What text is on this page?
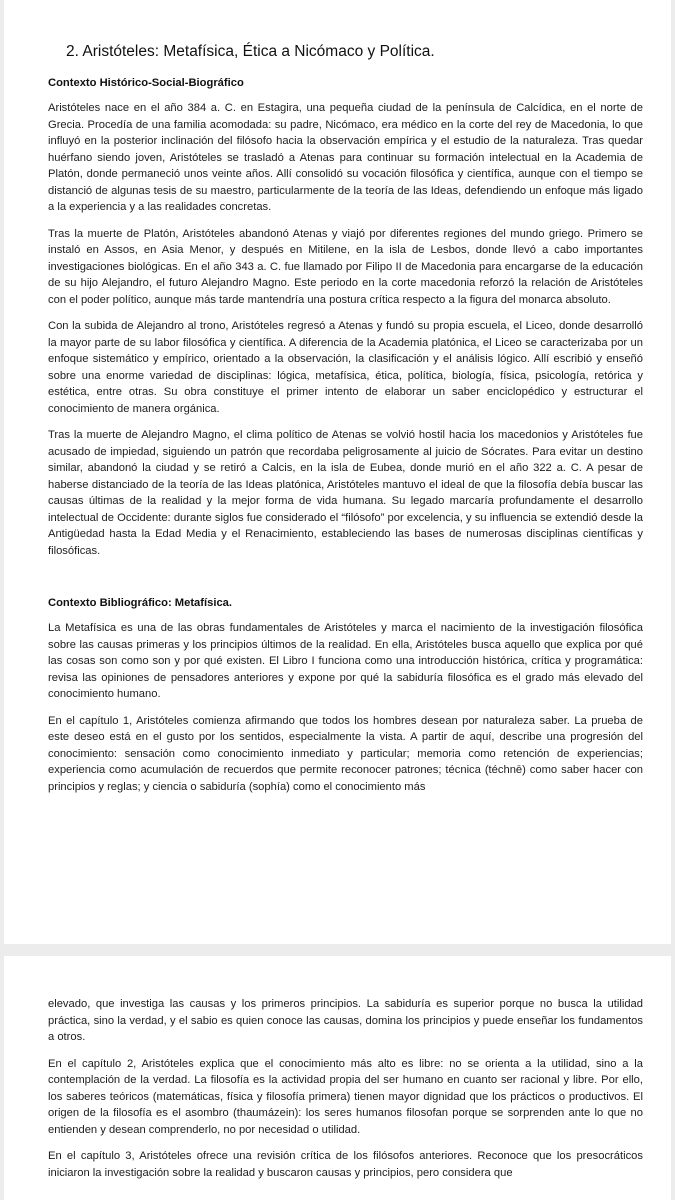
2. Aristóteles: Metafísica, Ética a Nicómaco y Política.
Contexto Histórico-Social-Biográfico

Aristóteles nace en el año 384 a. C. en Estagira, una pequeña ciudad de la península de Calcídica, en el norte de Grecia. Procedía de una familia acomodada: su padre, Nicómaco, era médico en la corte del rey de Macedonia, lo que influyó en la posterior inclinación del filósofo hacia la observación empírica y el estudio de la naturaleza. Tras quedar huérfano siendo joven, Aristóteles se trasladó a Atenas para continuar su formación intelectual en la Academia de Platón, donde permaneció unos veinte años. Allí consolidó su vocación filosófica y científica, aunque con el tiempo se distanció de algunas tesis de su maestro, particularmente de la teoría de las Ideas, defendiendo un enfoque más ligado a la experiencia y a las realidades concretas.

Tras la muerte de Platón, Aristóteles abandonó Atenas y viajó por diferentes regiones del mundo griego. Primero se instaló en Assos, en Asia Menor, y después en Mitilene, en la isla de Lesbos, donde llevó a cabo importantes investigaciones biológicas. En el año 343 a. C. fue llamado por Filipo II de Macedonia para encargarse de la educación de su hijo Alejandro, el futuro Alejandro Magno. Este periodo en la corte macedonia reforzó la relación de Aristóteles con el poder político, aunque más tarde mantendría una postura crítica respecto a la figura del monarca absoluto.

Con la subida de Alejandro al trono, Aristóteles regresó a Atenas y fundó su propia escuela, el Liceo, donde desarrolló la mayor parte de su labor filosófica y científica. A diferencia de la Academia platónica, el Liceo se caracterizaba por un enfoque sistemático y empírico, orientado a la observación, la clasificación y el análisis lógico. Allí escribió y enseñó sobre una enorme variedad de disciplinas: lógica, metafísica, ética, política, biología, física, psicología, retórica y estética, entre otras. Su obra constituye el primer intento de elaborar un saber enciclopédico y estructurar el conocimiento de manera orgánica.

Tras la muerte de Alejandro Magno, el clima político de Atenas se volvió hostil hacia los macedonios y Aristóteles fue acusado de impiedad, siguiendo un patrón que recordaba peligrosamente al juicio de Sócrates. Para evitar un destino similar, abandonó la ciudad y se retiró a Calcis, en la isla de Eubea, donde murió en el año 322 a. C. A pesar de haberse distanciado de la teoría de las Ideas platónica, Aristóteles mantuvo el ideal de que la filosofía debía buscar las causas últimas de la realidad y la mejor forma de vida humana. Su legado marcaría profundamente el desarrollo intelectual de Occidente: durante siglos fue considerado el “filósofo” por excelencia, y su influencia se extendió desde la Antigüedad hasta la Edad Media y el Renacimiento, estableciendo las bases de numerosas disciplinas científicas y filosóficas.

Contexto Bibliográfico: Metafísica.

La Metafísica es una de las obras fundamentales de Aristóteles y marca el nacimiento de la investigación filosófica sobre las causas primeras y los principios últimos de la realidad. En ella, Aristóteles busca aquello que explica por qué las cosas son como son y por qué existen. El Libro I funciona como una introducción histórica, crítica y programática: revisa las opiniones de pensadores anteriores y expone por qué la sabiduría filosófica es el grado más elevado del conocimiento humano.

En el capítulo 1, Aristóteles comienza afirmando que todos los hombres desean por naturaleza saber. La prueba de este deseo está en el gusto por los sentidos, especialmente la vista. A partir de aquí, describe una progresión del conocimiento: sensación como conocimiento inmediato y particular; memoria como retención de experiencias; experiencia como acumulación de recuerdos que permite reconocer patrones; técnica (téchnē) como saber hacer con principios y reglas; y ciencia o sabiduría (sophía) como el conocimiento más

elevado, que investiga las causas y los primeros principios. La sabiduría es superior porque no busca la utilidad práctica, sino la verdad, y el sabio es quien conoce las causas, domina los principios y puede enseñar los fundamentos a otros.

En el capítulo 2, Aristóteles explica que el conocimiento más alto es libre: no se orienta a la utilidad, sino a la contemplación de la verdad. La filosofía es la actividad propia del ser humano en cuanto ser racional y libre. Por ello, los saberes teóricos (matemáticas, física y filosofía primera) tienen mayor dignidad que los prácticos o productivos. El origen de la filosofía es el asombro (thaumázein): los seres humanos filosofan porque se sorprenden ante lo que no entienden y desean comprenderlo, no por necesidad o utilidad.

En el capítulo 3, Aristóteles ofrece una revisión crítica de los filósofos anteriores. Reconoce que los presocráticos iniciaron la investigación sobre la realidad y buscaron causas y principios, pero considera que
